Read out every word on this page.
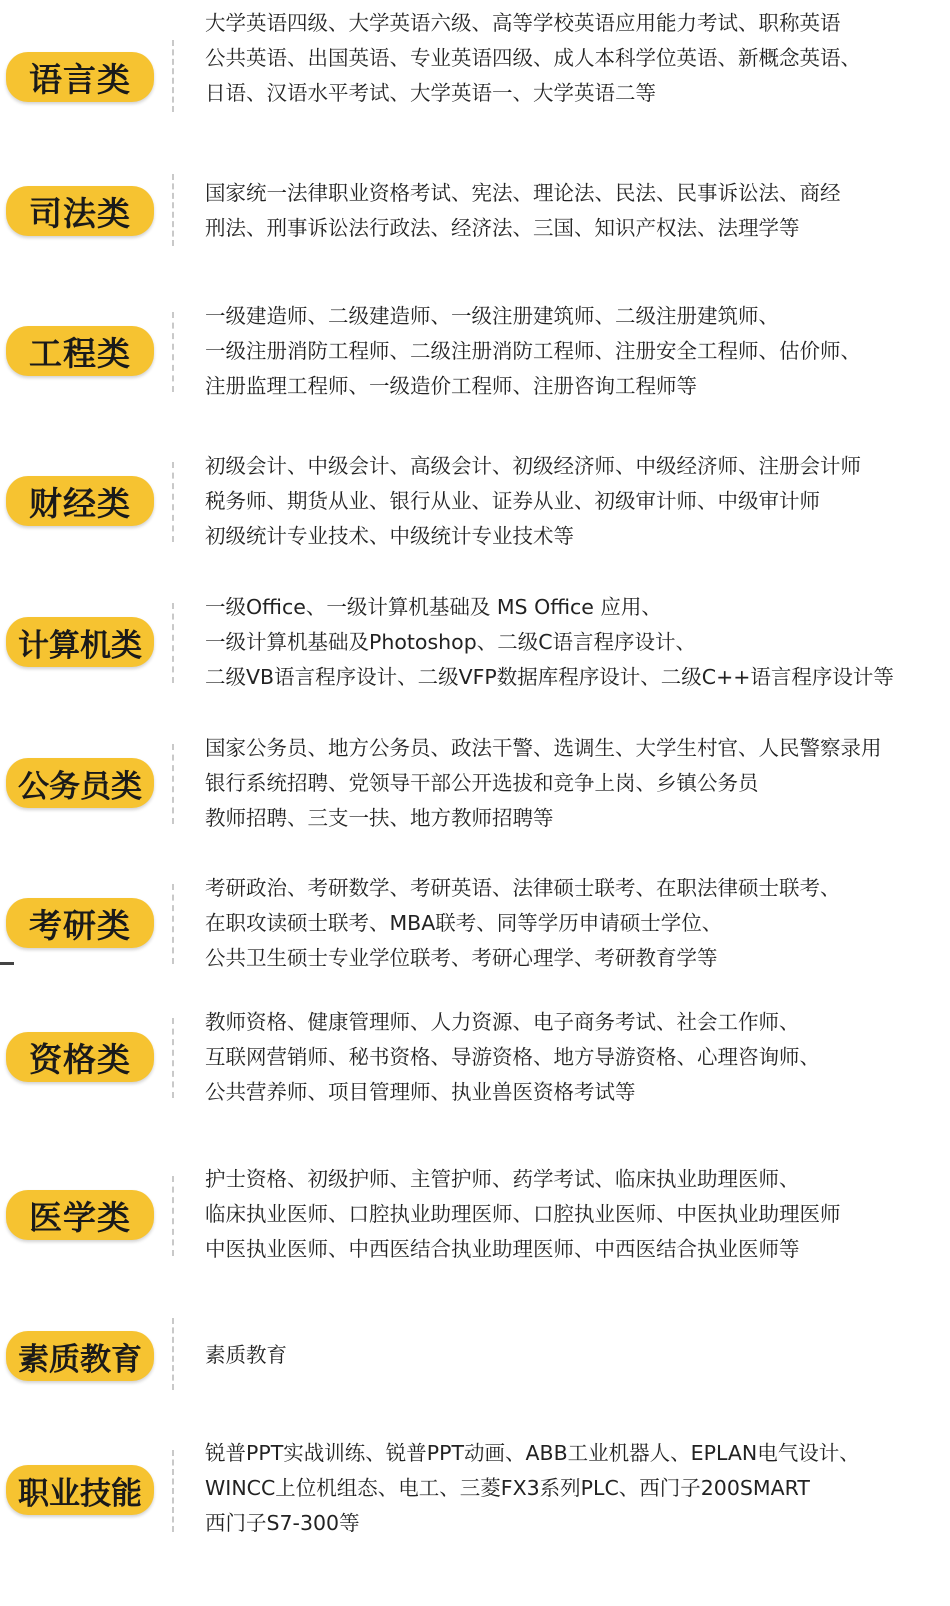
语言类
大学英语四级、大学英语六级、高等学校英语应用能力考试、职称英语
公共英语、出国英语、专业英语四级、成人本科学位英语、新概念英语、
日语、汉语水平考试、大学英语一、大学英语二等
司法类
国家统一法律职业资格考试、宪法、理论法、民法、民事诉讼法、商经
刑法、刑事诉讼法行政法、经济法、三国、知识产权法、法理学等
工程类
一级建造师、二级建造师、一级注册建筑师、二级注册建筑师、
一级注册消防工程师、二级注册消防工程师、注册安全工程师、估价师、
注册监理工程师、一级造价工程师、注册咨询工程师等
财经类
初级会计、中级会计、高级会计、初级经济师、中级经济师、注册会计师
税务师、期货从业、银行从业、证券从业、初级审计师、中级审计师
初级统计专业技术、中级统计专业技术等
计算机类
一级Office、一级计算机基础及 MS Office 应用、
一级计算机基础及Photoshop、二级C语言程序设计、
二级VB语言程序设计、二级VFP数据库程序设计、二级C++语言程序设计等
公务员类
国家公务员、地方公务员、政法干警、选调生、大学生村官、人民警察录用
银行系统招聘、党领导干部公开选拔和竞争上岗、乡镇公务员
教师招聘、三支一扶、地方教师招聘等
考研类
考研政治、考研数学、考研英语、法律硕士联考、在职法律硕士联考、
在职攻读硕士联考、MBA联考、同等学历申请硕士学位、
公共卫生硕士专业学位联考、考研心理学、考研教育学等
资格类
教师资格、健康管理师、人力资源、电子商务考试、社会工作师、
互联网营销师、秘书资格、导游资格、地方导游资格、心理咨询师、
公共营养师、项目管理师、执业兽医资格考试等
医学类
护士资格、初级护师、主管护师、药学考试、临床执业助理医师、
临床执业医师、口腔执业助理医师、口腔执业医师、中医执业助理医师
中医执业医师、中西医结合执业助理医师、中西医结合执业医师等
素质教育	素质教育
职业技能
锐普PPT实战训练、锐普PPT动画、ABB工业机器人、EPLAN电气设计、
WINCC上位机组态、电工、三菱FX3系列PLC、西门子200SMART
西门子S7-300等
